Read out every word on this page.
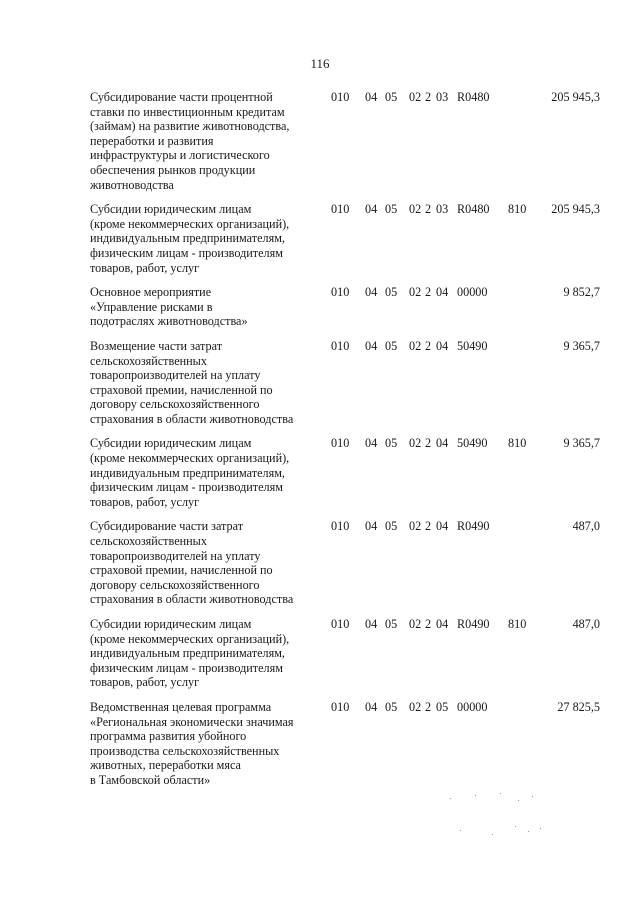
116
Субсидирование части процентной
ставки по инвестиционным кредитам
(займам) на развитие животноводства,
переработки и развития
инфраструктуры и логистического
обеспечения рынков продукции
животноводства
010 04 05 02 2 03 R0480	205 945,3
Субсидии юридическим лицам
(кроме некоммерческих организаций),
индивидуальным предпринимателям,
физическим лицам - производителям
товаров, работ, услуг
010 04 05 02 2 03 R0480 810 205 945,3
Основное мероприятие
«Управление рисками в
подотраслях животноводства»
010 04 05 02 2 04 00000	9 852,7
Возмещение части затрат
сельскохозяйственных
товаропроизводителей на уплату
страховой премии, начисленной по
договору сельскохозяйственного
страхования в области животноводства
010 04 05 02 2 04 50490	9 365,7
Субсидии юридическим лицам
(кроме некоммерческих организаций),
индивидуальным предпринимателям,
физическим лицам - производителям
товаров, работ, услуг
010 04 05 02 2 04 50490 810	9 365,7
Субсидирование части затрат
сельскохозяйственных
товаропроизводителей на уплату
страховой премии, начисленной по
договору сельскохозяйственного
страхования в области животноводства
010 04 05 02 2 04 R0490	487,0
Субсидии юридическим лицам
(кроме некоммерческих организаций),
индивидуальным предпринимателям,
физическим лицам - производителям
товаров, работ, услуг
010 04 05 02 2 04 R0490 810	487,0
Ведомственная целевая программа
«Региональная экономически значимая
программа развития убойного
производства сельскохозяйственных
животных, переработки мяса
в Тамбовской области»
010 04 05 02 2 05 00000	27 825,5
